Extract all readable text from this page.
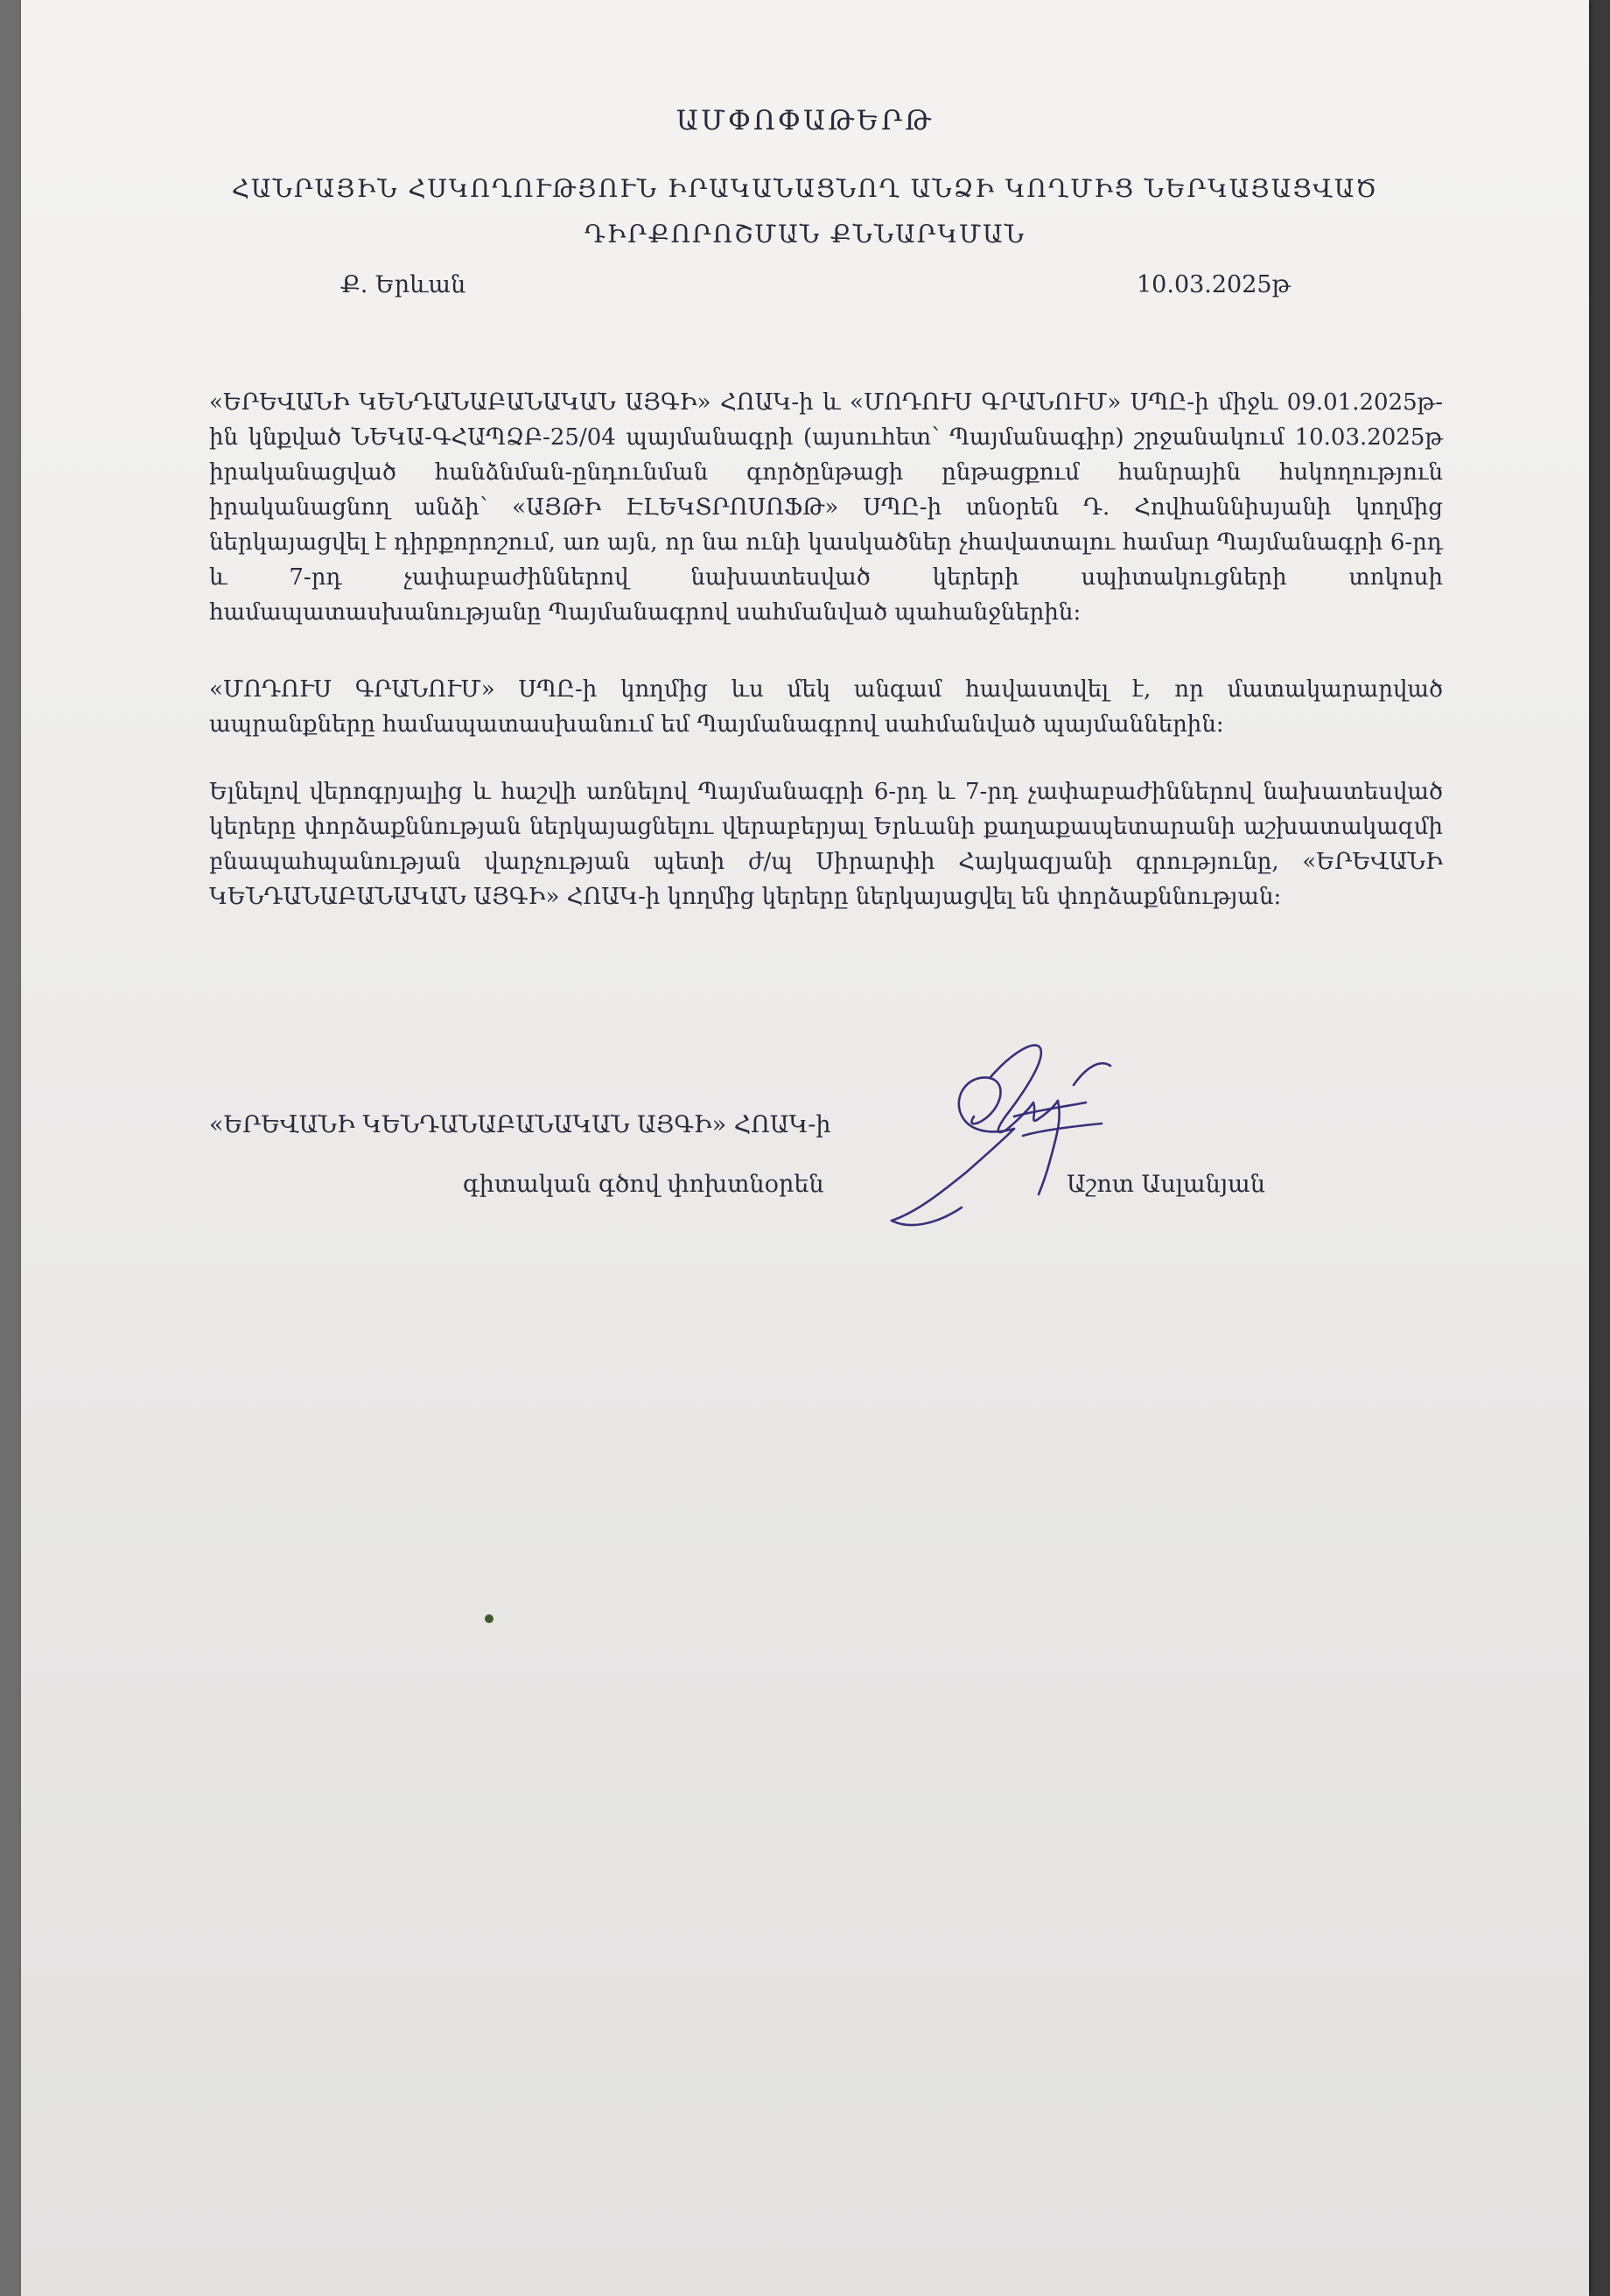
ԱՄՓՈՓԱԹԵՐԹ
ՀԱՆՐԱՅԻՆ ՀՍԿՈՂՈՒԹՅՈՒՆ ԻՐԱԿԱՆԱՑՆՈՂ ԱՆՁԻ ԿՈՂՄԻՑ ՆԵՐԿԱՅԱՑՎԱԾ ԴԻՐՔՈՐՈՇՄԱՆ ՔՆՆԱՐԿՄԱՆ
Ք. Երևան	10.03.2025թ
«ԵՐԵՎԱՆԻ ԿԵՆԴԱՆԱԲԱՆԱԿԱՆ ԱՅԳԻ» ՀՈԱԿ-ի և «ՄՈԴՈՒՍ ԳՐԱՆՈՒՄ» ՍՊԸ-ի միջև 09.01.2025թ-ին կնքված ՆԵԿԱ-ԳՀԱՊՁԲ-25/04 պայմանագրի (այսուհետ՝ Պայմանագիր) շրջանակում 10.03.2025թ իրականացված հանձնման-ընդունման գործընթացի ընթացքում հանրային հսկողություն իրականացնող անձի՝ «ԱՅԹԻ ԷԼԵԿՏՐՈՍՈՖԹ» ՍՊԸ-ի տնօրեն Դ. Հովհաննիսյանի կողմից ներկայացվել է դիրքորոշում, առ այն, որ նա ունի կասկածներ չհավատալու համար Պայմանագրի 6-րդ և 7-րդ չափաբաժիններով նախատեսված կերերի սպիտակուցների տոկոսի համապատասխանությանը Պայմանագրով սահմանված պահանջներին:
«ՄՈԴՈՒՍ ԳՐԱՆՈՒՄ» ՍՊԸ-ի կողմից ևս մեկ անգամ հավաստվել է, որ մատակարարված ապրանքները համապատասխանում եմ Պայմանագրով սահմանված պայմաններին:
Ելնելով վերոգրյալից և հաշվի առնելով Պայմանագրի 6-րդ և 7-րդ չափաբաժիններով նախատեսված կերերը փորձաքննության ներկայացնելու վերաբերյալ Երևանի քաղաքապետարանի աշխատակազմի բնապահպանության վարչության պետի ժ/պ Սիրարփի Հայկազյանի գրությունը, «ԵՐԵՎԱՆԻ ԿԵՆԴԱՆԱԲԱՆԱԿԱՆ ԱՅԳԻ» ՀՈԱԿ-ի կողմից կերերը ներկայացվել են փորձաքննության:
«ԵՐԵՎԱՆԻ ԿԵՆԴԱՆԱԲԱՆԱԿԱՆ ԱՅԳԻ» ՀՈԱԿ-ի
գիտական գծով փոխտնօրեն	Աշոտ Ասլանյան
